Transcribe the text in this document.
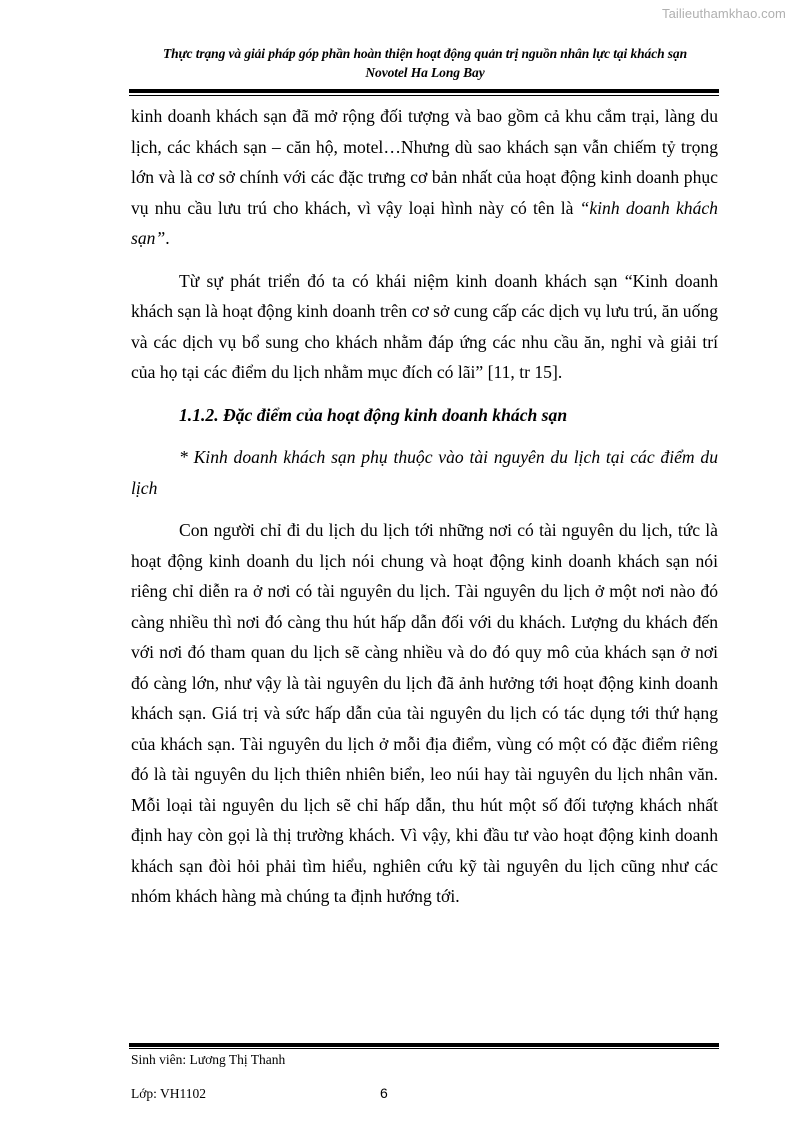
Tailieuthamkhao.com
Thực trạng và giải pháp góp phần hoàn thiện hoạt động quản trị nguồn nhân lực tại khách sạn
Novotel Ha Long Bay

kinh doanh khách sạn đã mở rộng đối tượng và bao gồm cả khu cắm trại, làng du lịch, các khách sạn – căn hộ, motel…Nhưng dù sao khách sạn vẫn chiếm tỷ trọng lớn và là cơ sở chính với các đặc trưng cơ bản nhất của hoạt động kinh doanh phục vụ nhu cầu lưu trú cho khách, vì vậy loại hình này có tên là “kinh doanh khách sạn”.

Từ sự phát triển đó ta có khái niệm kinh doanh khách sạn “Kinh doanh khách sạn là hoạt động kinh doanh trên cơ sở cung cấp các dịch vụ lưu trú, ăn uống và các dịch vụ bổ sung cho khách nhằm đáp ứng các nhu cầu ăn, nghỉ và giải trí của họ tại các điểm du lịch nhằm mục đích có lãi” [11, tr 15].

1.1.2. Đặc điểm của hoạt động kinh doanh khách sạn

* Kinh doanh khách sạn phụ thuộc vào tài nguyên du lịch tại các điểm du lịch

Con người chỉ đi du lịch du lịch tới những nơi có tài nguyên du lịch, tức là hoạt động kinh doanh du lịch nói chung và hoạt động kinh doanh khách sạn nói riêng chỉ diễn ra ở nơi có tài nguyên du lịch. Tài nguyên du lịch ở một nơi nào đó càng nhiều thì nơi đó càng thu hút hấp dẫn đối với du khách. Lượng du khách đến với nơi đó tham quan du lịch sẽ càng nhiều và do đó quy mô của khách sạn ở nơi đó càng lớn, như vậy là tài nguyên du lịch đã ảnh hưởng tới hoạt động kinh doanh khách sạn. Giá trị và sức hấp dẫn của tài nguyên du lịch có tác dụng tới thứ hạng của khách sạn. Tài nguyên du lịch ở mỗi địa điểm, vùng có một có đặc điểm riêng đó là tài nguyên du lịch thiên nhiên biển, leo núi hay tài nguyên du lịch nhân văn. Mỗi loại tài nguyên du lịch sẽ chỉ hấp dẫn, thu hút một số đối tượng khách nhất định hay còn gọi là thị trường khách. Vì vậy, khi đầu tư vào hoạt động kinh doanh khách sạn đòi hỏi phải tìm hiểu, nghiên cứu kỹ tài nguyên du lịch cũng như các nhóm khách hàng mà chúng ta định hướng tới.

Sinh viên: Lương Thị Thanh
Lớp: VH1102	6
